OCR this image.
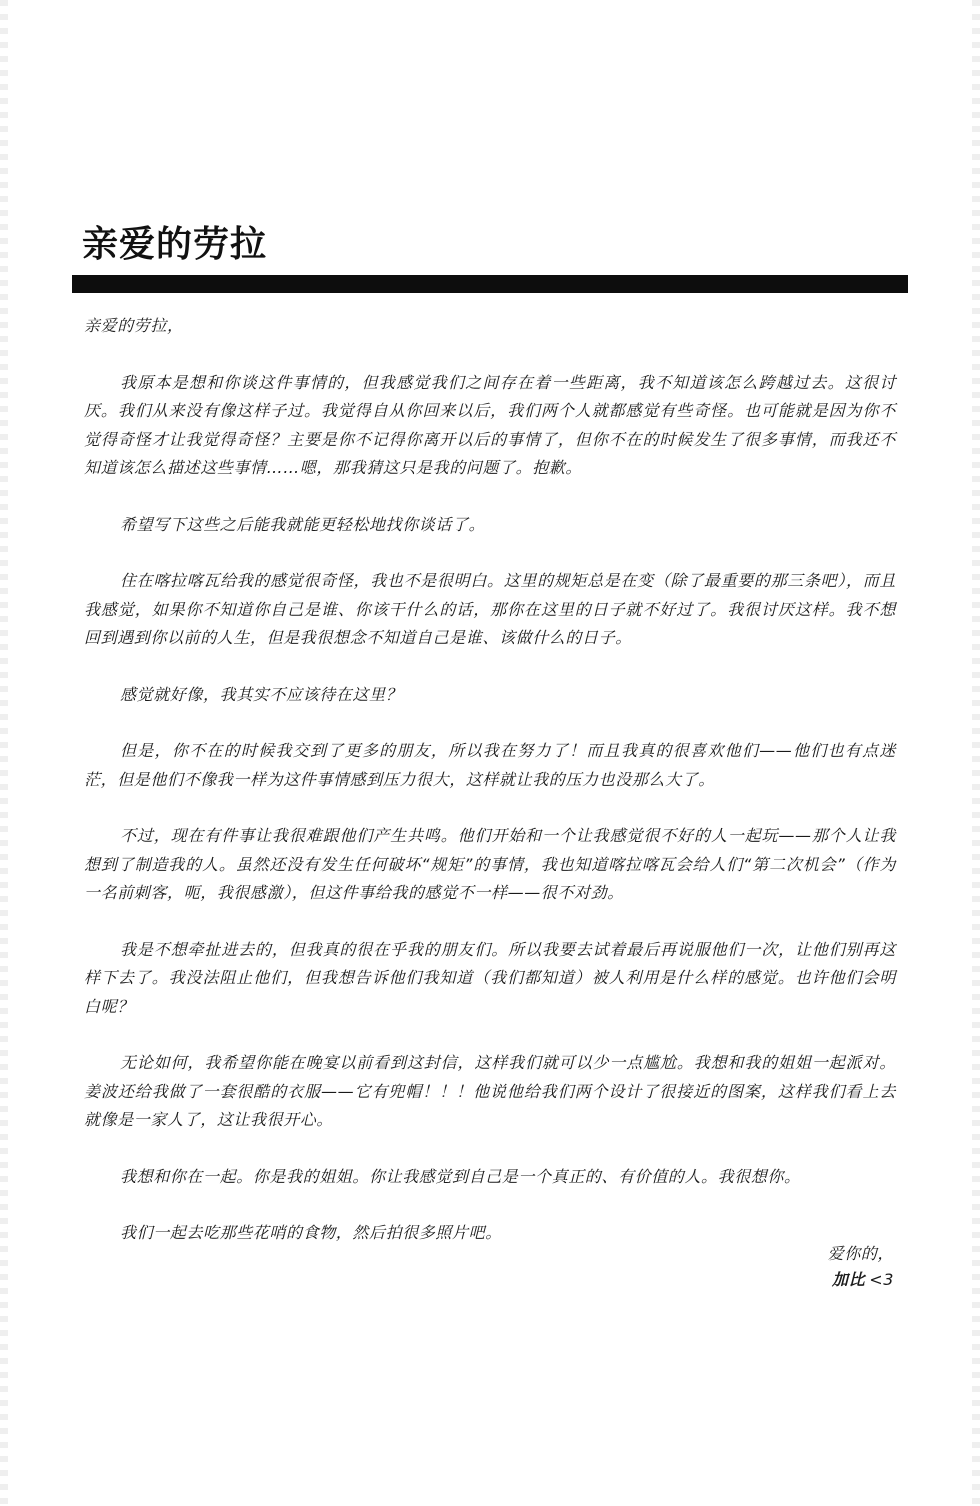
亲爱的劳拉

亲爱的劳拉，

我原本是想和你谈这件事情的，但我感觉我们之间存在着一些距离，我不知道该怎么跨越过去。这很讨厌。我们从来没有像这样子过。我觉得自从你回来以后，我们两个人就都感觉有些奇怪。也可能就是因为你不觉得奇怪才让我觉得奇怪？主要是你不记得你离开以后的事情了，但你不在的时候发生了很多事情，而我还不知道该怎么描述这些事情……嗯，那我猜这只是我的问题了。抱歉。

希望写下这些之后能我就能更轻松地找你谈话了。

住在喀拉喀瓦给我的感觉很奇怪，我也不是很明白。这里的规矩总是在变（除了最重要的那三条吧），而且我感觉，如果你不知道你自己是谁、你该干什么的话，那你在这里的日子就不好过了。我很讨厌这样。我不想回到遇到你以前的人生，但是我很想念不知道自己是谁、该做什么的日子。

感觉就好像，我其实不应该待在这里？

但是，你不在的时候我交到了更多的朋友，所以我在努力了！而且我真的很喜欢他们——他们也有点迷茫，但是他们不像我一样为这件事情感到压力很大，这样就让我的压力也没那么大了。

不过，现在有件事让我很难跟他们产生共鸣。他们开始和一个让我感觉很不好的人一起玩——那个人让我想到了制造我的人。虽然还没有发生任何破坏“规矩”的事情，我也知道喀拉喀瓦会给人们“第二次机会”（作为一名前刺客，呃，我很感激），但这件事给我的感觉不一样——很不对劲。

我是不想牵扯进去的，但我真的很在乎我的朋友们。所以我要去试着最后再说服他们一次，让他们别再这样下去了。我没法阻止他们，但我想告诉他们我知道（我们都知道）被人利用是什么样的感觉。也许他们会明白呢？

无论如何，我希望你能在晚宴以前看到这封信，这样我们就可以少一点尴尬。我想和我的姐姐一起派对。姜波还给我做了一套很酷的衣服——它有兜帽！！！他说他给我们两个设计了很接近的图案，这样我们看上去就像是一家人了，这让我很开心。

我想和你在一起。你是我的姐姐。你让我感觉到自己是一个真正的、有价值的人。我很想你。

我们一起去吃那些花哨的食物，然后拍很多照片吧。

爱你的，
加比 <3
